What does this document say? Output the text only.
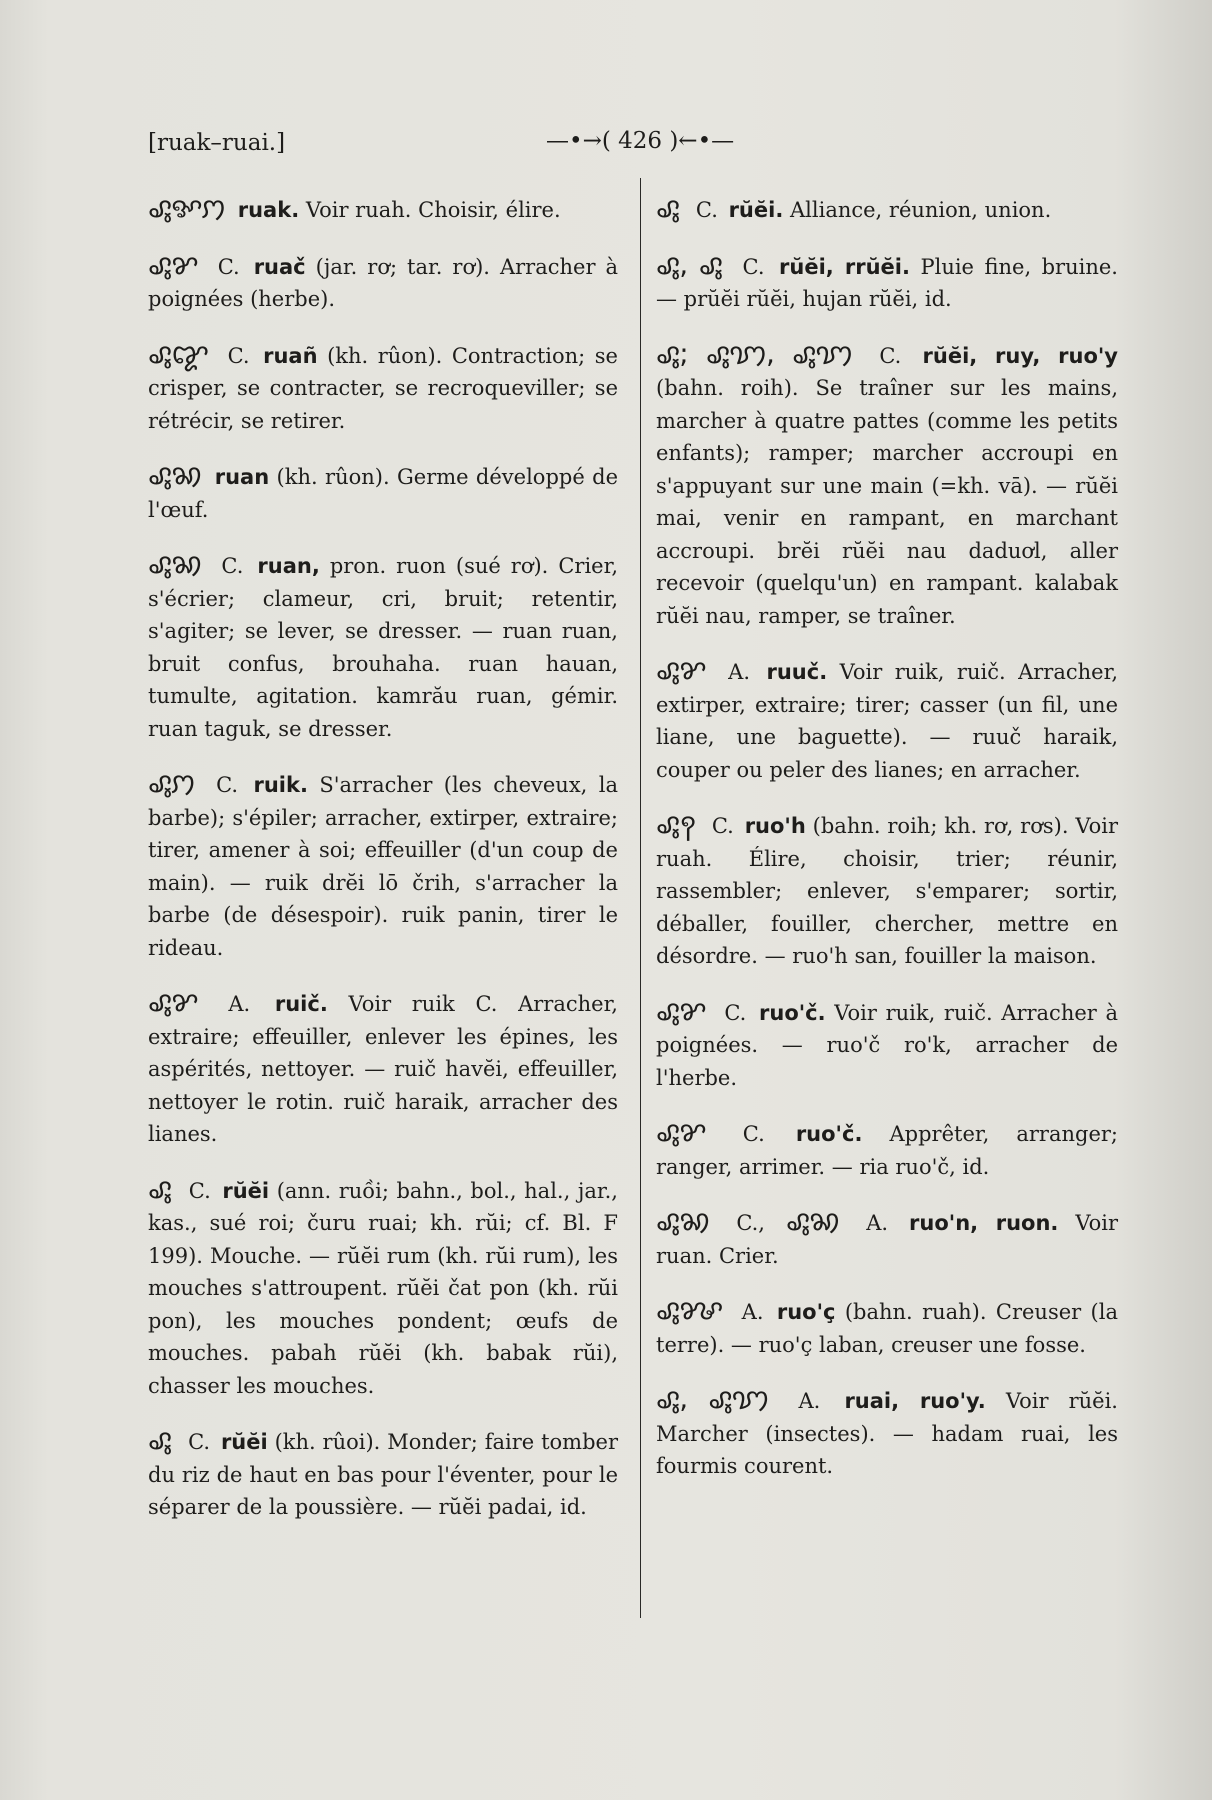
[ruak–ruai.]	—•→( 426 )←•—
ꨣꨶꨀꩀ ruak. Voir ruah. Choisir, élire.
ꨣꨶꨌ C. ruač (jar. rơ; tar. rơ). Arracher à poignées (herbe).
ꨣꨶꨑ C. ruañ (kh. rûon). Contraction; se crisper, se contracter, se recroqueviller; se rétrécir, se retirer.
ꨣꨶꩆ ruan (kh. rûon). Germe développé de l'œuf.
ꨣꨶꩆ C. ruan, pron. ruon (sué rơ). Crier, s'écrier; clameur, cri, bruit; retentir, s'agiter; se lever, se dresser. — ruan ruan, bruit confus, brouhaha. ruan hauan, tumulte, agitation. kamrău ruan, gémir. ruan taguk, se dresser.
ꨣꨶꩀ C. ruik. S'arracher (les cheveux, la barbe); s'épiler; arracher, extirper, extraire; tirer, amener à soi; effeuiller (d'un coup de main). — ruik drĕi lō črih, s'arracher la barbe (de désespoir). ruik panin, tirer le rideau.
ꨣꨶꨌ A. ruič. Voir ruik C. Arracher, extraire; effeuiller, enlever les épines, les aspérités, nettoyer. — ruič havĕi, effeuiller, nettoyer le rotin. ruič haraik, arracher des lianes.
ꨣꨶ C. rŭĕi (ann. ruồi; bahn., bol., hal., jar., kas., sué roi; čuru ruai; kh. rŭi; cf. Bl. F 199). Mouche. — rŭĕi rum (kh. rŭi rum), les mouches s'attroupent. rŭĕi čat pon (kh. rŭi pon), les mouches pondent; œufs de mouches. pabah rŭĕi (kh. babak rŭi), chasser les mouches.
ꨣꨶ C. rŭĕi (kh. rûoi). Monder; faire tomber du riz de haut en bas pour l'éventer, pour le séparer de la poussière. — rŭĕi padai, id.
ꨣꨶ C. rŭĕi. Alliance, réunion, union.
ꨣꨶ, ꨣꨶ C. rŭĕi, rrŭĕi. Pluie fine, bruine. — prŭĕi rŭĕi, hujan rŭĕi, id.
ꨣꨶ; ꨣꨶꩈ, ꨣꨶꩈ C. rŭĕi, ruy, ruo'y (bahn. roih). Se traîner sur les mains, marcher à quatre pattes (comme les petits enfants); ramper; marcher accroupi en s'appuyant sur une main (=kh. vā). — rŭĕi mai, venir en rampant, en marchant accroupi. brĕi rŭĕi nau daduơl, aller recevoir (quelqu'un) en rampant. kalabak rŭĕi nau, ramper, se traîner.
ꨣꨶꨌ A. ruuč. Voir ruik, ruič. Arracher, extirper, extraire; tirer; casser (un fil, une liane, une baguette). — ruuč haraik, couper ou peler des lianes; en arracher.
ꨣꨶꩍ C. ruo'h (bahn. roih; kh. rơ, rơs). Voir ruah. Élire, choisir, trier; réunir, rassembler; enlever, s'emparer; sortir, déballer, fouiller, chercher, mettre en désordre. — ruo'h san, fouiller la maison.
ꨣꨶꨌ C. ruo'č. Voir ruik, ruič. Arracher à poignées. — ruo'č ro'k, arracher de l'herbe.
ꨣꨶꨌ C. ruo'č. Apprêter, arranger; ranger, arrimer. — ria ruo'č, id.
ꨣꨶꩆ C., ꨣꨶꩆ A. ruo'n, ruon. Voir ruan. Crier.
ꨣꨶꨍ A. ruo'ç (bahn. ruah). Creuser (la terre). — ruo'ç laban, creuser une fosse.
ꨣꨶ, ꨣꨶꩈ A. ruai, ruo'y. Voir rŭĕi. Marcher (insectes). — hadam ruai, les fourmis courent.
